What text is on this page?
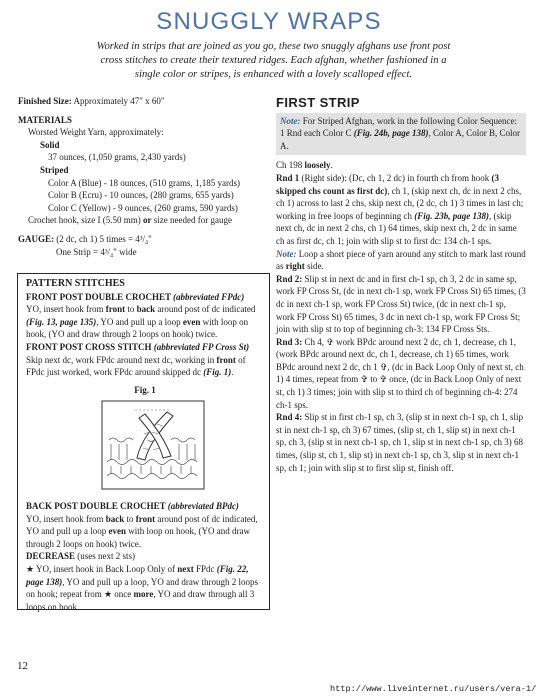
SNUGGLY WRAPS
Worked in strips that are joined as you go, these two snuggly afghans use front post cross stitches to create their textured ridges. Each afghan, whether fashioned in a single color or stripes, is enhanced with a lovely scalloped effect.

Finished Size: Approximately 47" x 60"

MATERIALS

Worsted Weight Yarn, approximately:

Solid

37 ounces, (1,050 grams, 2,430 yards)

Striped

Color A (Blue) - 18 ounces, (510 grams, 1,185 yards)

Color B (Ecru) - 10 ounces, (280 grams, 655 yards)

Color C (Yellow) - 9 ounces, (260 grams, 590 yards)

Crochet hook, size I (5.50 mm) or size needed for gauge

GAUGE: (2 dc, ch 1) 5 times = 4³/₄"

One Strip = 4³/₄" wide

PATTERN STITCHES

FRONT POST DOUBLE CROCHET (abbreviated FPdc)

YO, insert hook from front to back around post of dc indicated (Fig. 13, page 135), YO and pull up a loop even with loop on hook, (YO and draw through 2 loops on hook) twice.

FRONT POST CROSS STITCH (abbreviated FP Cross St)

Skip next dc, work FPdc around next dc, working in front of FPdc just worked, work FPdc around skipped dc (Fig. 1).

Fig. 1

BACK POST DOUBLE CROCHET (abbreviated BPdc)

YO, insert hook from back to front around post of dc indicated, YO and pull up a loop even with loop on hook, (YO and draw through 2 loops on hook) twice.

DECREASE (uses next 2 sts)

★ YO, insert hook in Back Loop Only of next FPdc (Fig. 22, page 138), YO and pull up a loop, YO and draw through 2 loops on hook; repeat from ★ once more, YO and draw through all 3 loops on hook.

FIRST STRIP

Note: For Striped Afghan, work in the following Color Sequence: 1 Rnd each Color C (Fig. 24b, page 138), Color A, Color B, Color A.

Ch 198 loosely.

Rnd 1 (Right side): (Dc, ch 1, 2 dc) in fourth ch from hook (3 skipped chs count as first dc), ch 1, (skip next ch, dc in next 2 chs, ch 1) across to last 2 chs, skip next ch, (2 dc, ch 1) 3 times in last ch; working in free loops of beginning ch (Fig. 23b, page 138), (skip next ch, dc in next 2 chs, ch 1) 64 times, skip next ch, 2 dc in same ch as first dc, ch 1; join with slip st to first dc: 134 ch-1 sps.

Note: Loop a short piece of yarn around any stitch to mark last round as right side.

Rnd 2: Slip st in next dc and in first ch-1 sp, ch 3, 2 dc in same sp, work FP Cross St, (dc in next ch-1 sp, work FP Cross St) 65 times, (3 dc in next ch-1 sp, work FP Cross St) twice, (dc in next ch-1 sp, work FP Cross St) 65 times, 3 dc in next ch-1 sp, work FP Cross St; join with slip st to top of beginning ch-3: 134 FP Cross Sts.

Rnd 3: Ch 4, ✞ work BPdc around next 2 dc, ch 1, decrease, ch 1, (work BPdc around next dc, ch 1, decrease, ch 1) 65 times, work BPdc around next 2 dc, ch 1 ✞, (dc in Back Loop Only of next st, ch 1) 4 times, repeat from ✞ to ✞ once, (dc in Back Loop Only of next st, ch 1) 3 times; join with slip st to third ch of beginning ch-4: 274 ch-1 sps.

Rnd 4: Slip st in first ch-1 sp, ch 3, (slip st in next ch-1 sp, ch 1, slip st in next ch-1 sp, ch 3) 67 times, (slip st, ch 1, slip st) in next ch-1 sp, ch 3, (slip st in next ch-1 sp, ch 1, slip st in next ch-1 sp, ch 3) 68 times, (slip st, ch 1, slip st) in next ch-1 sp, ch 3, slip st in next ch-1 sp, ch 1; join with slip st to first slip st, finish off.

12
http://www.liveinternet.ru/users/vera-1/
